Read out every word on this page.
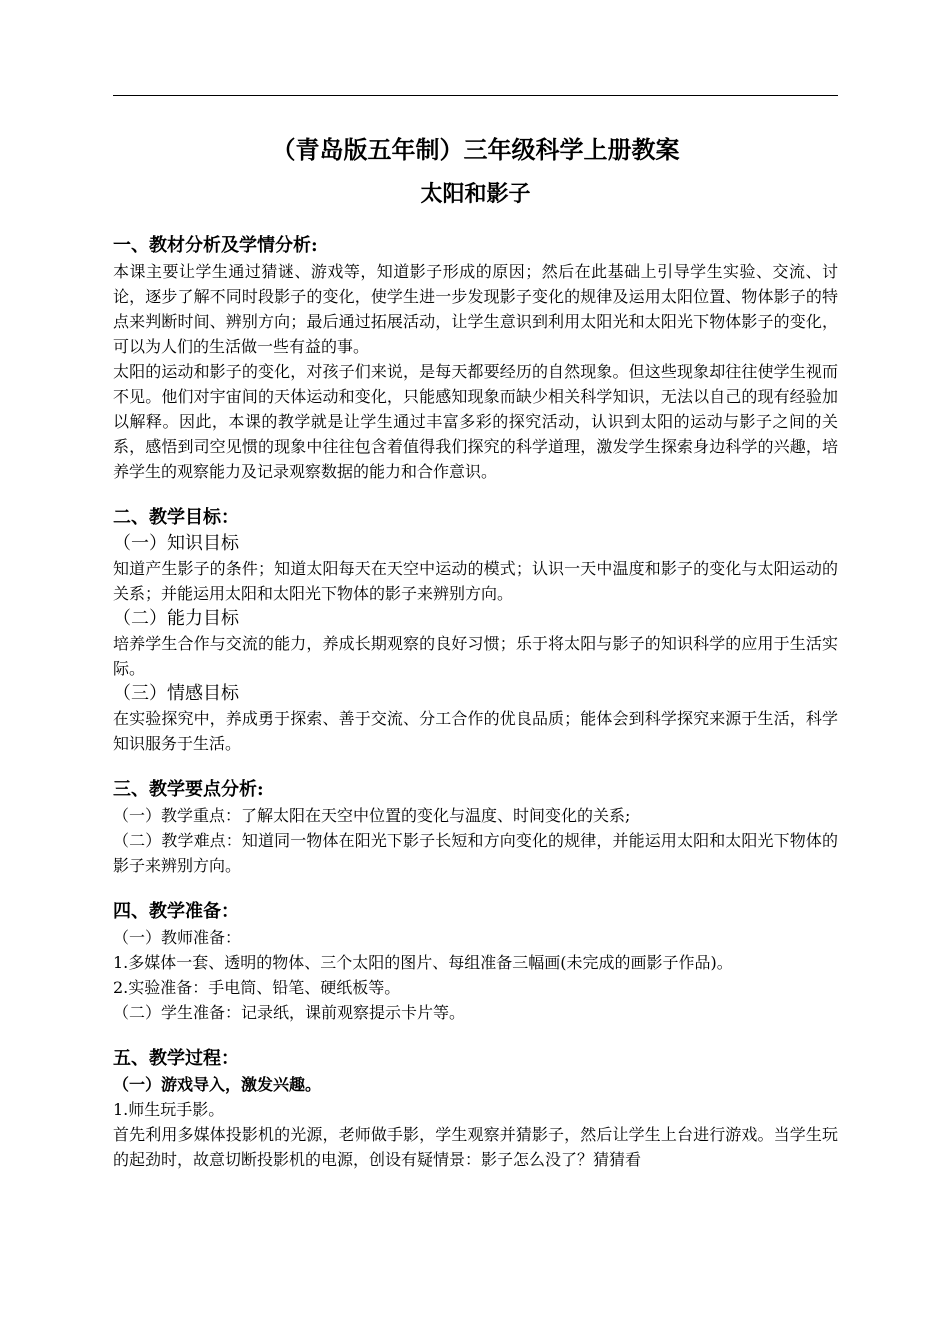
（青岛版五年制）三年级科学上册教案

太阳和影子

一、教材分析及学情分析:

本课主要让学生通过猜谜、游戏等，知道影子形成的原因；然后在此基础上引导学生实验、交流、讨论，逐步了解不同时段影子的变化，使学生进一步发现影子变化的规律及运用太阳位置、物体影子的特点来判断时间、辨别方向；最后通过拓展活动，让学生意识到利用太阳光和太阳光下物体影子的变化，可以为人们的生活做一些有益的事。

太阳的运动和影子的变化，对孩子们来说，是每天都要经历的自然现象。但这些现象却往往使学生视而不见。他们对宇宙间的天体运动和变化，只能感知现象而缺少相关科学知识，无法以自己的现有经验加以解释。因此，本课的教学就是让学生通过丰富多彩的探究活动，认识到太阳的运动与影子之间的关系，感悟到司空见惯的现象中往往包含着值得我们探究的科学道理，激发学生探索身边科学的兴趣，培养学生的观察能力及记录观察数据的能力和合作意识。

二、教学目标：

（一）知识目标

知道产生影子的条件；知道太阳每天在天空中运动的模式；认识一天中温度和影子的变化与太阳运动的关系；并能运用太阳和太阳光下物体的影子来辨别方向。

（二）能力目标

培养学生合作与交流的能力，养成长期观察的良好习惯；乐于将太阳与影子的知识科学的应用于生活实际。

（三）情感目标

在实验探究中，养成勇于探索、善于交流、分工合作的优良品质；能体会到科学探究来源于生活，科学知识服务于生活。

三、教学要点分析:

（一）教学重点：了解太阳在天空中位置的变化与温度、时间变化的关系;

（二）教学难点：知道同一物体在阳光下影子长短和方向变化的规律，并能运用太阳和太阳光下物体的影子来辨别方向。

四、教学准备：

（一）教师准备：

1.多媒体一套、透明的物体、三个太阳的图片、每组准备三幅画(未完成的画影子作品)。

2.实验准备：手电筒、铅笔、硬纸板等。

（二）学生准备：记录纸，课前观察提示卡片等。

五、教学过程：

（一）游戏导入，激发兴趣。

1.师生玩手影。

首先利用多媒体投影机的光源，老师做手影，学生观察并猜影子，然后让学生上台进行游戏。当学生玩的起劲时，故意切断投影机的电源，创设有疑情景：影子怎么没了？猜猜看
